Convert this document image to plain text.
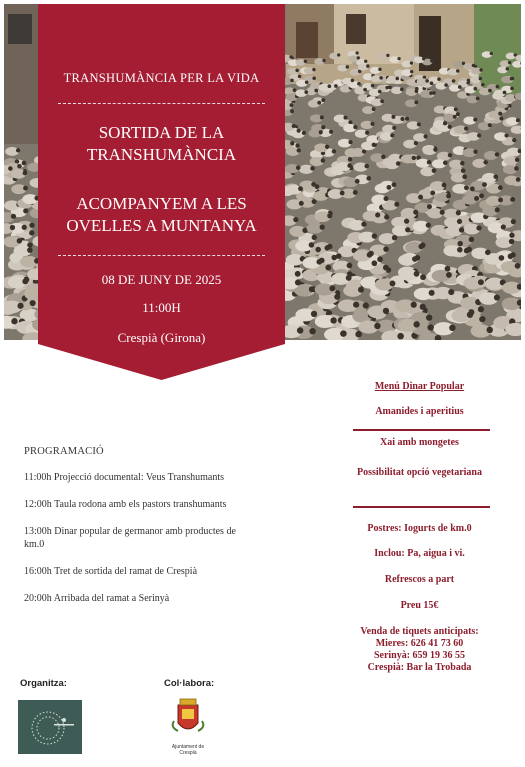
TRANSHUMÀNCIA PER LA VIDA
SORTIDA DE LA
TRANSHUMÀNCIA
ACOMPANYEM A LES
OVELLES A MUNTANYA
08 DE JUNY DE 2025
11:00H
Crespià (Girona)
PROGRAMACIÓ
11:00h Projecció documental: Veus Transhumants
12:00h Taula rodona amb els pastors transhumants
13:00h Dinar popular de germanor amb productes de km.0
16:00h Tret de sortida del ramat de Crespià
20:00h Arribada del ramat a Serinyà
Menú Dinar Popular
Amanides i aperitius
Xai amb mongetes
Possibilitat opció vegetariana
Postres: Iogurts de km.0
Inclou: Pa, aigua i vi.
Refrescos a part
Preu 15€
Venda de tiquets anticipats:
Mieres: 626 41 73 60
Serinyà: 659 19 36 55
Crespià: Bar la Trobada
Organitza:	Col·labora:
Ajuntament de
Crespià
